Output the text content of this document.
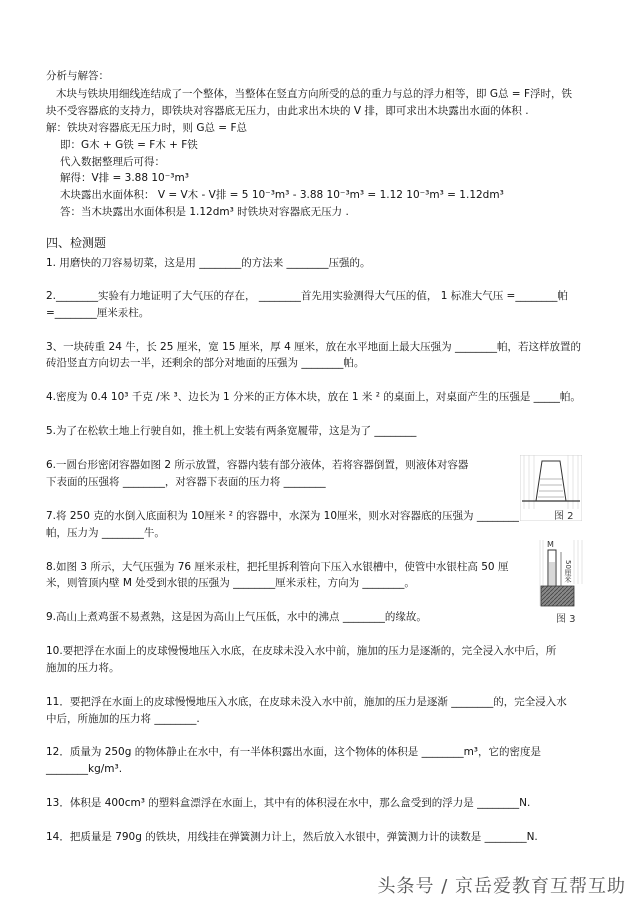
分析与解答：
木块与铁块用细线连结成了一个整体，当整体在竖直方向所受的总的重力与总的浮力相等，即 G总 = F浮时，铁
块不受容器底的支持力，即铁块对容器底无压力，由此求出木块的 V 排，即可求出木块露出水面的体积 .
解：铁块对容器底无压力时，则 G总 = F总
即：G木 + G铁 = F木 + F铁
代入数据整理后可得：
解得：V排 = 3.88 10⁻³m³
木块露出水面体积： V = V木 - V排 = 5 10⁻³m³ - 3.88 10⁻³m³ = 1.12 10⁻³m³ = 1.12dm³
答：当木块露出水面体积是 1.12dm³ 时铁块对容器底无压力 .
四、检测题
1. 用磨快的刀容易切菜，这是用 ________的方法来 ________压强的。
2.________实验有力地证明了大气压的存在， ________首先用实验测得大气压的值， 1 标准大气压 =________帕
=________厘米汞柱。
3、一块砖重 24 牛，长 25 厘米，宽 15 厘米，厚 4 厘米，放在水平地面上最大压强为 ________帕，若这样放置的
砖沿竖直方向切去一半，还剩余的部分对地面的压强为 ________帕。
4.密度为 0.4 10³ 千克 /米 ³、边长为 1 分米的正方体木块，放在 1 米 ² 的桌面上，对桌面产生的压强是 _____帕。
5.为了在松软土地上行驶自如，推土机上安装有两条宽履带，这是为了 ________
6.一圆台形密闭容器如图 2 所示放置，容器内装有部分液体，若将容器倒置，则液体对容器
下表面的压强将 ________，对容器下表面的压力将 ________
7.将 250 克的水倒入底面积为 10厘米 ² 的容器中，水深为 10厘米，则水对容器底的压强为 ________
帕，压力为 ________牛。
8.如图 3 所示，大气压强为 76 厘米汞柱，把托里拆利管向下压入水银槽中，使管中水银柱高 50 厘
米，则管顶内壁 M 处受到水银的压强为 ________厘米汞柱，方向为 ________。
9.高山上煮鸡蛋不易煮熟，这是因为高山上气压低，水中的沸点 ________的缘故。
10.要把浮在水面上的皮球慢慢地压入水底，在皮球未没入水中前，施加的压力是逐渐的，完全浸入水中后，所
施加的压力将。
11．要把浮在水面上的皮球慢慢地压入水底，在皮球未没入水中前，施加的压力是逐渐 ________的，完全浸入水
中后，所施加的压力将 ________.
12．质量为 250g 的物体静止在水中，有一半体积露出水面，这个物体的体积是 ________m³，它的密度是
________kg/m³.
13．体积是 400cm³ 的塑料盒漂浮在水面上，其中有的体积浸在水中，那么盒受到的浮力是 ________N.
14．把质量是 790g 的铁块，用线挂在弹簧测力计上，然后放入水银中，弹簧测力计的读数是 ________N.
图 2
M
50厘米
图 3
头条号 / 京岳爱教育互帮互助
